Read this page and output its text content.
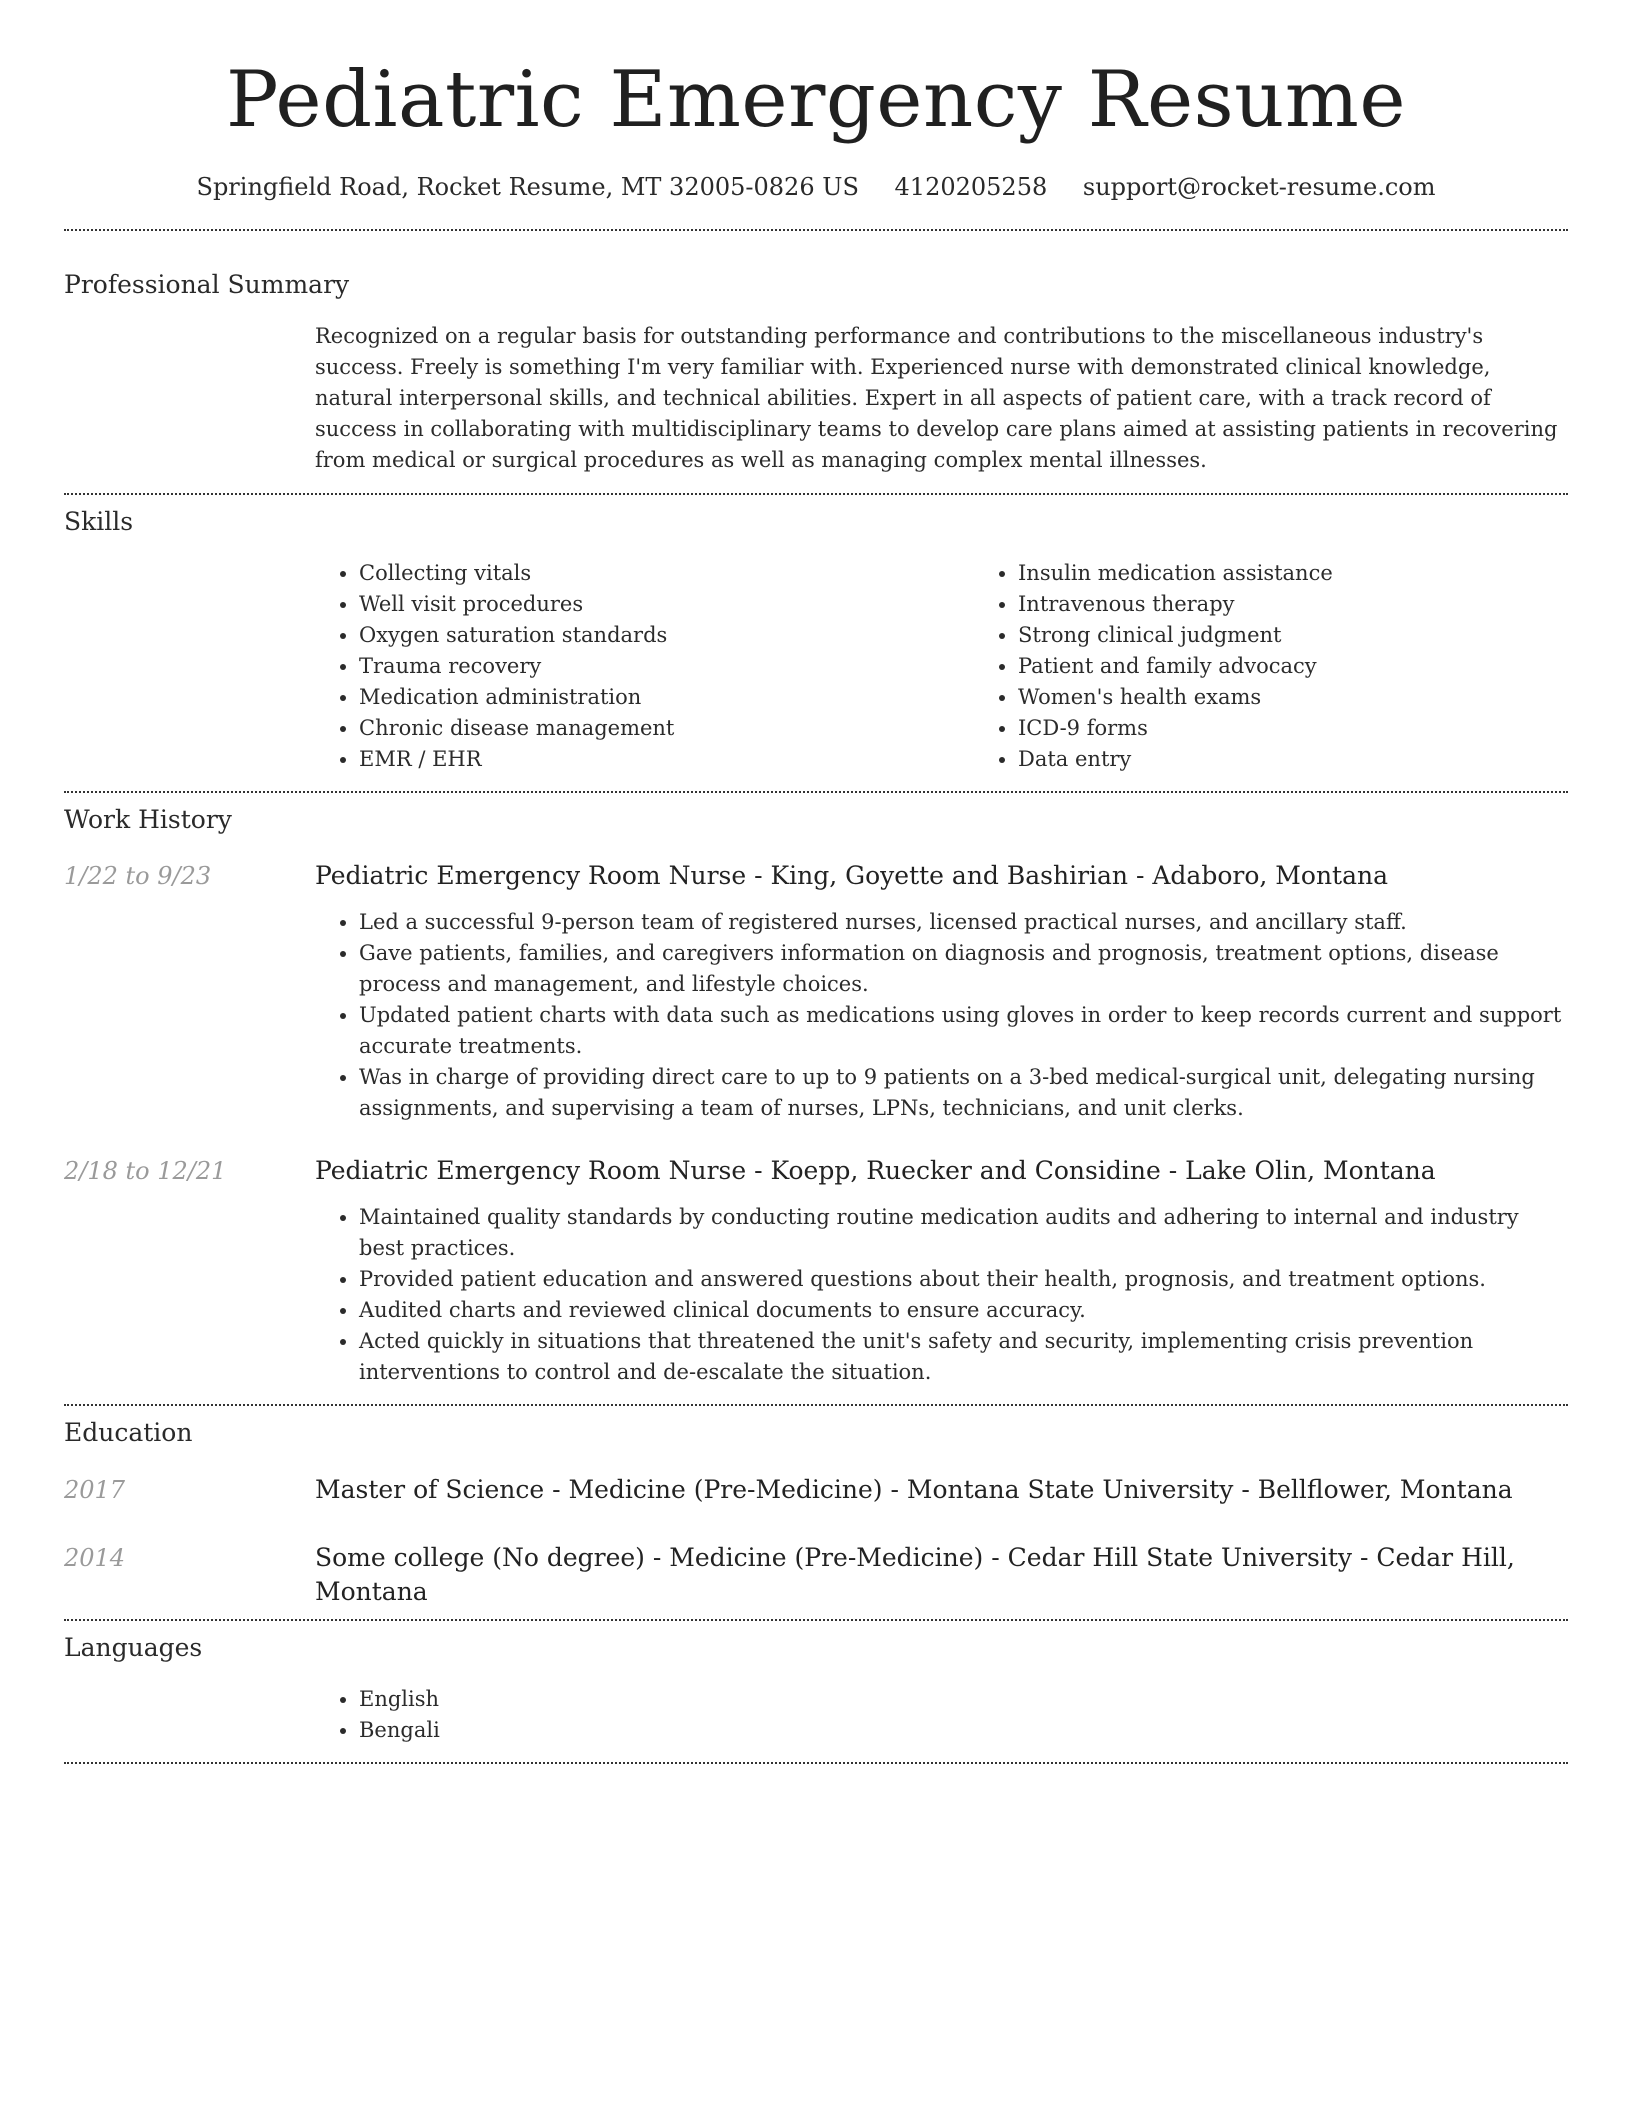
Pediatric Emergency Resume
Springfield Road, Rocket Resume, MT 32005-0826 US 4120205258 support@rocket-resume.com
Professional Summary
Recognized on a regular basis for outstanding performance and contributions to the miscellaneous industry's success. Freely is something I'm very familiar with. Experienced nurse with demonstrated clinical knowledge, natural interpersonal skills, and technical abilities. Expert in all aspects of patient care, with a track record of success in collaborating with multidisciplinary teams to develop care plans aimed at assisting patients in recovering from medical or surgical procedures as well as managing complex mental illnesses.
Skills
• Collecting vitals
• Well visit procedures
• Oxygen saturation standards
• Trauma recovery
• Medication administration
• Chronic disease management
• EMR / EHR
• Insulin medication assistance
• Intravenous therapy
• Strong clinical judgment
• Patient and family advocacy
• Women's health exams
• ICD-9 forms
• Data entry
Work History
1/22 to 9/23	Pediatric Emergency Room Nurse - King, Goyette and Bashirian - Adaboro, Montana
• Led a successful 9-person team of registered nurses, licensed practical nurses, and ancillary staff.
• Gave patients, families, and caregivers information on diagnosis and prognosis, treatment options, disease process and management, and lifestyle choices.
• Updated patient charts with data such as medications using gloves in order to keep records current and support accurate treatments.
• Was in charge of providing direct care to up to 9 patients on a 3-bed medical-surgical unit, delegating nursing assignments, and supervising a team of nurses, LPNs, technicians, and unit clerks.
2/18 to 12/21	Pediatric Emergency Room Nurse - Koepp, Ruecker and Considine - Lake Olin, Montana
• Maintained quality standards by conducting routine medication audits and adhering to internal and industry best practices.
• Provided patient education and answered questions about their health, prognosis, and treatment options.
• Audited charts and reviewed clinical documents to ensure accuracy.
• Acted quickly in situations that threatened the unit's safety and security, implementing crisis prevention interventions to control and de-escalate the situation.
Education
2017	Master of Science - Medicine (Pre-Medicine) - Montana State University - Bellflower, Montana
2014	Some college (No degree) - Medicine (Pre-Medicine) - Cedar Hill State University - Cedar Hill, Montana
Languages
• English
• Bengali
